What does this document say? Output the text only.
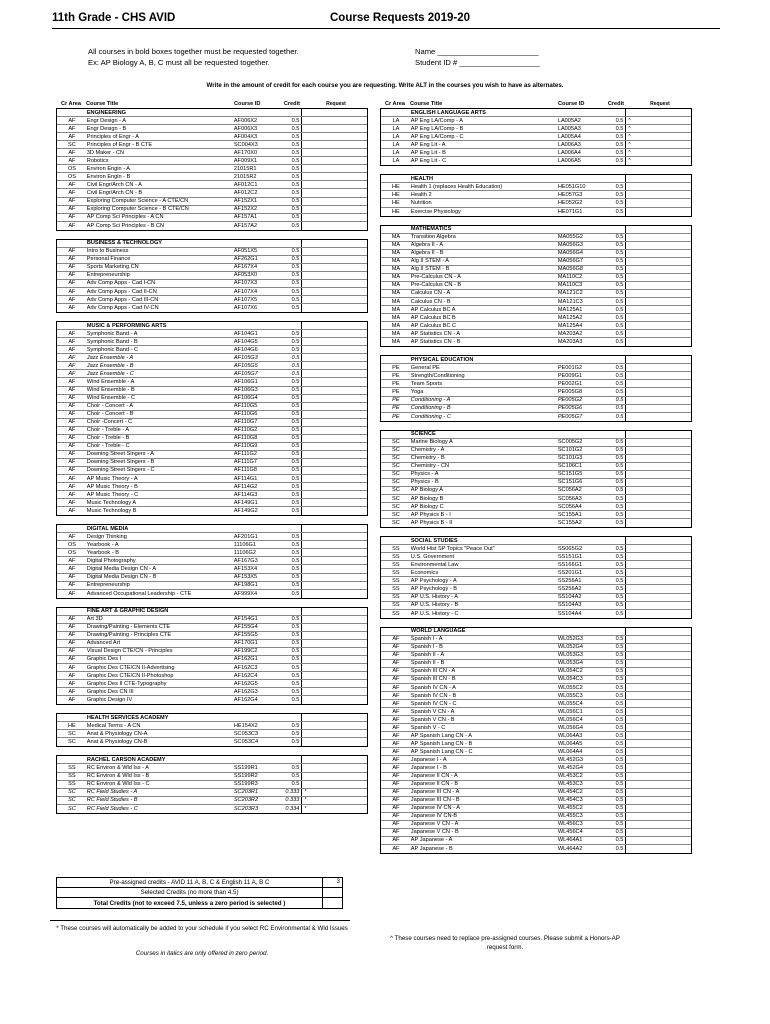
11th Grade - CHS AVID	Course Requests 2019-20
All courses in bold boxes together must be requested together.
Ex: AP Biology A, B, C must all be requested together.
Name ________________________
Student ID # ___________________
Write in the amount of credit for each course you are requesting. Write ALT in the courses you wish to have as alternates.
Cr Area Course Title	Course ID	Credit	Request
ENGINEERING
AF	Engr Design - A	AF006X2	0.5
AF	Engr Design - B	AF006X3	0.5
AF	Principles of Engr - A	AF004X3	0.5
SC	Principles of Engr - B CTE	SC004X3	0.5
AF	3D Maker - CN	AF170X0	0.5
AF	Robotics	AF009X1	0.5
OS	Environ Engin - A	21015R1	0.5
OS	Environ Engin - B	21015R2	0.5
AF	Civil Engr/Arch CN - A	AF012C1	0.5
AF	Civil Engr/Arch CN - B	AF012C2	0.5
AF	Exploring Computer Science - A CTE/CN	AF152X1	0.5
AF	Exploring Computer Science - B CTE/CN	AF152X2	0.5
AF	AP Comp Sci Principles - A CN	AF157A1	0.5
AF	AP Comp Sci Principles - B CN	AF157A2	0.5
BUSINESS & TECHNOLOGY
AF	Intro to Business	AF051X5	0.5
AF	Personal Finance	AF262G1	0.5
AF	Sports Marketing CN	AF167X4	0.5
AF	Entrepreneurship	AF053X0	0.5
AF	Adv Comp Apps - Cad I-CN	AF107X3	0.5
AF	Adv Comp Apps - Cad II-CN	AF107X4	0.5
AF	Adv Comp Apps - Cad III-CN	AF107X5	0.5
AF	Adv Comp Apps - Cad IV-CN	AF107X6	0.5
MUSIC & PERFORMING ARTS
AF	Symphonic Band - A	AF104G1	0.5
AF	Symphonic Band - B	AF104G5	0.5
AF	Symphonic Band - C	AF104G6	0.5
AF	Jazz Ensemble - A	AF105G3	0.5
AF	Jazz Ensemble - B	AF105G5	0.5
AF	Jazz Ensemble - C	AF105G7	0.5
AF	Wind Ensemble - A	AF106G1	0.5
AF	Wind Ensemble - B	AF106G3	0.5
AF	Wind Ensemble - C	AF106G4	0.5
AF	Choir - Concert - A	AF110G5	0.5
AF	Choir - Concert - B	AF110G6	0.5
AF	Choir -Concert - C	AF110G7	0.5
AF	Choir - Treble - A	AF110G2	0.5
AF	Choir - Treble - B	AF110G8	0.5
AF	Choir - Treble - C	AF110G9	0.5
AF	Downing Street Singers - A	AF111G2	0.5
AF	Downing Street Singers - B	AF111G7	0.5
AF	Downing Street Singers - C	AF111G8	0.5
AF	AP Music Theory - A	AF114G1	0.5
AF	AP Music Theory - B	AF114G2	0.5
AF	AP Music Theory - C	AF114G3	0.5
AF	Music Technology A	AF149G1	0.5
AF	Music Technology B	AF149G2	0.5
DIGITAL MEDIA
AF	Design Thinking	AF201G1	0.5
OS	Yearbook - A	11106G1	0.5
OS	Yearbook - B	11106G2	0.5
AF	Digital Photography	AF167G3	0.5
AF	Digital Media Design CN - A	AF153X4	0.5
AF	Digital Media Design CN - B	AF153X5	0.5
AF	Entrepreneurship	AF198G1	0.5
AF	Advanced Occupational Leadership - CTE	AF999X4	0.5
FINE ART & GRAPHIC DESIGN
AF	Art 3D	AF154G1	0.5
AF	Drawing/Painting - Elements CTE	AF155G4	0.5
AF	Drawing/Painting - Principles CTE	AF155G5	0.5
AF	Advanced Art	AF170G1	0.5
AF	Visual Design CTE/CN - Principles	AF199C2	0.5
AF	Graphic Des I	AF162G1	0.5
AF	Graphic Des CTE/CN II-Advertising	AF162C3	0.5
AF	Graphic Des CTE/CN II-Photoshop	AF162C4	0.5
AF	Graphic Des II CTE-Typography	AF162G5	0.5
AF	Graphic Des CN III	AF162G3	0.5
AF	Graphic Design IV	AF162G4	0.5
HEALTH SERVICES ACADEMY
HE	Medical Terms - A CN	HE154X2	0.5
SC	Anat & Physiology CN-A	SC053C3	0.5
SC	Anat & Physiology CN-B	SC053C4	0.5
RACHEL CARSON ACADEMY
SS	RC Environ & Wld Iss - A	SS199R1	0.5
SS	RC Environ & Wld Iss - B	SS199R2	0.5
SS	RC Environ & Wld Iss - C	SS199R3	0.5
SC	RC Field Studies - A	SC203R1	0.333	*
SC	RC Field Studies - B	SC203R2	0.333	*
SC	RC Field Studies - C	SC203R3	0.334	*
Cr Area Course Title	Course ID	Credit	Request
ENGLISH LANGUAGE ARTS
LA	AP Eng LA/Comp - A	LA005A2	0.5	^
LA	AP Eng LA/Comp - B	LA005A3	0.5	^
LA	AP Eng LA/Comp - C	LA005A4	0.5	^
LA	AP Eng Lit - A	LA006A3	0.5	^
LA	AP Eng Lit - B	LA006A4	0.5	^
LA	AP Eng Lit - C	LA006A5	0.5	^
HEALTH
HE	Health 1 (replaces Health Education)	HE051G10	0.5
HE	Health 2	HE057G3	0.5
HE	Nutrition	HE052G2	0.5
HE	Exercise Physiology	HE071G1	0.5
MATHEMATICS
MA	Transition Algebra	MA055G2	0.5
MA	Algebra II - A	MA056G3	0.5
MA	Algebra II - B	MA056G4	0.5
MA	Alg II STEM - A	MA056G7	0.5
MA	Alg II STEM - B	MA056G8	0.5
MA	Pre-Calculus CN - A	MA110C2	0.5
MA	Pre-Calculus CN - B	MA110C3	0.5
MA	Calculus CN - A	MA121C2	0.5
MA	Calculus CN - B	MA121C3	0.5
MA	AP Calculus BC A	MA125A1	0.5
MA	AP Calculus BC B	MA125A2	0.5
MA	AP Calculus BC C	MA125A4	0.5
MA	AP Statistics CN - A	MA203A2	0.5
MA	AP Statistics CN - B	MA203A3	0.5
PHYSICAL EDUCATION
PE	General PE	PE001G2	0.5
PE	Strength/Conditioning	PE009G1	0.5
PE	Team Sports	PE002G1	0.5
PE	Yoga	PE005G8	0.5
PE	Conditioning - A	PE005G2	0.5
PE	Conditioning - B	PE005G6	0.5
PE	Conditioning - C	PE005G7	0.5
SCIENCE
SC	Marine Biology A	SC005G2	0.5
SC	Chemistry - A	SC101G2	0.5
SC	Chemistry - B	SC101G3	0.5
SC	Chemistry - CN	SC106C1	0.5
SC	Physics - A	SC151G5	0.5
SC	Physics - B	SC151G6	0.5
SC	AP Biology A	SC056A2	0.5
SC	AP Biology B	SC056A3	0.5
SC	AP Biology C	SC056A4	0.5
SC	AP Physics B - I	SC155A1	0.5
SC	AP Physics B - II	SC155A2	0.5
SOCIAL STUDIES
SS	World Hist SP Topics "Peace Out"	SS065G2	0.5
SS	U.S. Government	SS151G1	0.5
SS	Environmental Law	SS166G1	0.5
SS	Economics	SS201G1	0.5
SS	AP Psychology - A	SS256A1	0.5
SS	AP Psychology - B	SS256A2	0.5
SS	AP U.S. History - A	SS104A2	0.5
SS	AP U.S. History - B	SS104A3	0.5
SS	AP U.S. History - C	SS104A4	0.5
WORLD LANGUAGE
AF	Spanish I - A	WL052G3	0.5
AF	Spanish I - B	WL052G4	0.5
AF	Spanish II - A	WL053G3	0.5
AF	Spanish II - B	WL053G4	0.5
AF	Spanish III CN - A	WL054C2	0.5
AF	Spanish III CN - B	WL054C3	0.5
AF	Spanish IV CN - A	WL055C2	0.5
AF	Spanish IV CN - B	WL055C3	0.5
AF	Spanish IV CN - C	WL055C4	0.5
AF	Spanish V CN - A	WL056C1	0.5
AF	Spanish V CN - B	WL056C4	0.5
AF	Spanish V - C	WL056G4	0.5
AF	AP Spanish Lang CN - A	WL064A3	0.5
AF	AP Spanish Lang CN - B	WL064A5	0.5
AF	AP Spanish Lang CN - C	WL064A4	0.5
AF	Japanese I - A	WL452G3	0.5
AF	Japanese I - B	WL452G4	0.5
AF	Japanese II CN - A	WL453C2	0.5
AF	Japanese II CN - B	WL453C3	0.5
AF	Japanese III CN - A	WL454C2	0.5
AF	Japanese III CN - B	WL454C3	0.5
AF	Japanese IV CN - A	WL455C2	0.5
AF	Japanese IV CN-B	WL455C3	0.5
AF	Japanese V CN - A	WL456C3	0.5
AF	Japanese V CN - B	WL456C4	0.5
AF	AP Japanese - A	WL464A1	0.5
AF	AP Japanese - B	WL464A2	0.5
Pre-assigned credits - AVID 11 A, B, C & English 11 A, B C	3
Selected Credits (no more than 4.5)
Total Credits (not to exceed 7.5, unless a zero period is selected )
* These courses will automatically be added to your schedule if you select RC Environmental & Wld Issues
Courses in italics are only offered in zero period.
^ These courses need to replace pre-assigned courses. Please submit a Honors-AP request form.
